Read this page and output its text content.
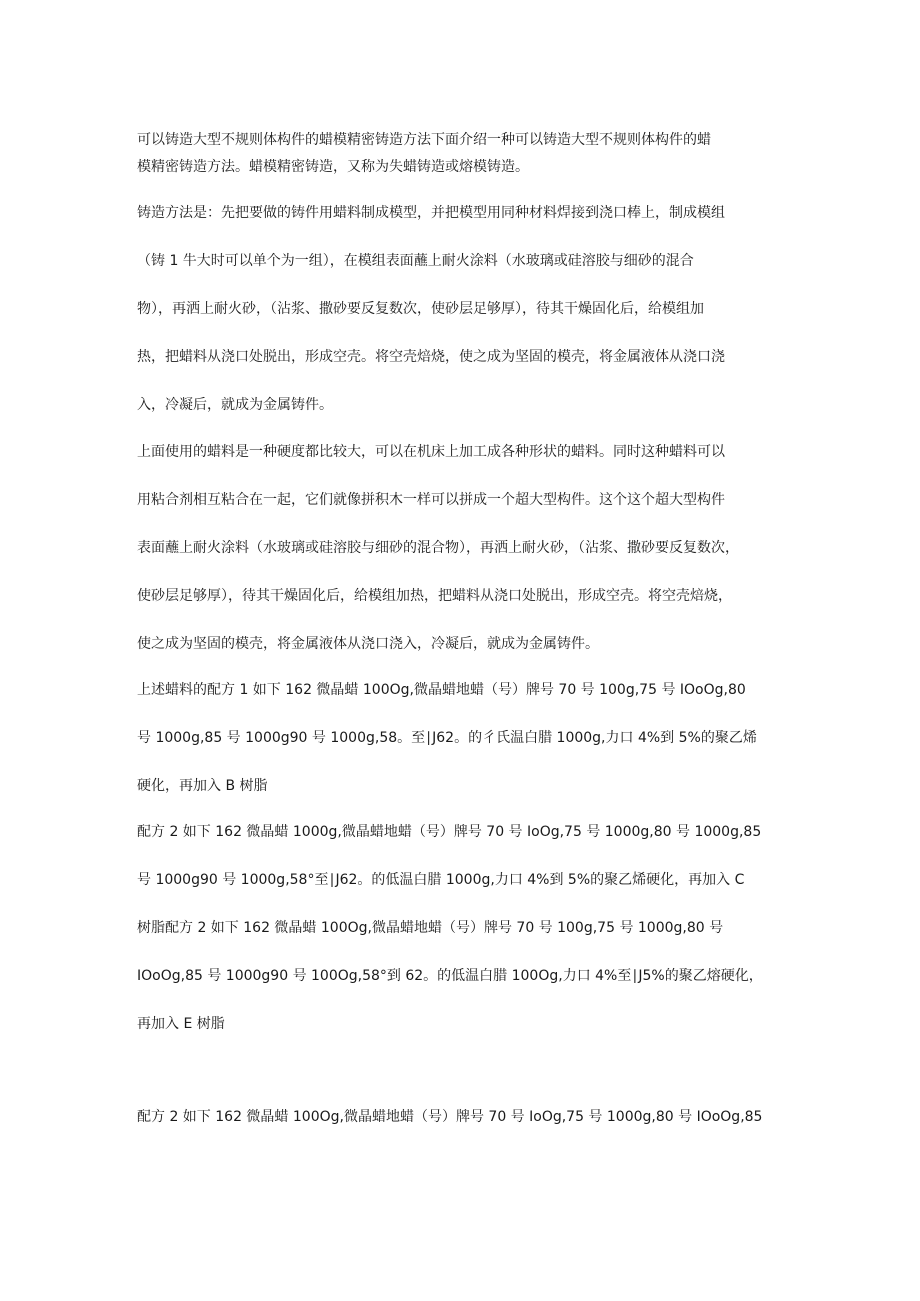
可以铸造大型不规则体构件的蜡模精密铸造方法下面介绍一种可以铸造大型不规则体构件的蜡
模精密铸造方法。蜡模精密铸造，又称为失蜡铸造或熔模铸造。
铸造方法是：先把要做的铸件用蜡料制成模型，并把模型用同种材料焊接到浇口棒上，制成模组
（铸 1 牛大时可以单个为一组），在模组表面蘸上耐火涂料（水玻璃或硅溶胶与细砂的混合
物），再洒上耐火砂，（沾浆、撒砂要反复数次，使砂层足够厚），待其干燥固化后，给模组加
热，把蜡料从浇口处脱出，形成空壳。将空壳焙烧，使之成为坚固的模壳，将金属液体从浇口浇
入，冷凝后，就成为金属铸件。
上面使用的蜡料是一种硬度都比较大，可以在机床上加工成各种形状的蜡料。同时这种蜡料可以
用粘合剂相互粘合在一起，它们就像拼积木一样可以拼成一个超大型构件。这个这个超大型构件
表面蘸上耐火涂料（水玻璃或硅溶胶与细砂的混合物），再洒上耐火砂，（沾浆、撒砂要反复数次，
使砂层足够厚），待其干燥固化后，给模组加热，把蜡料从浇口处脱出，形成空壳。将空壳焙烧，
使之成为坚固的模壳，将金属液体从浇口浇入，冷凝后，就成为金属铸件。
上述蜡料的配方 1 如下 162 微晶蜡 100Og,微晶蜡地蜡（号）牌号 70 号 100g,75 号 IOoOg,80
号 1000g,85 号 1000g90 号 1000g,58。至∣J62。的彳氏温白腊 1000g,力口 4%到 5%的聚乙烯
硬化，再加入 B 树脂
配方 2 如下 162 微晶蜡 1000g,微晶蜡地蜡（号）牌号 70 号 IoOg,75 号 1000g,80 号 1000g,85
号 1000g90 号 1000g,58°至∣J62。的低温白腊 1000g,力口 4%到 5%的聚乙烯硬化，再加入 C
树脂配方 2 如下 162 微晶蜡 100Og,微晶蜡地蜡（号）牌号 70 号 100g,75 号 1000g,80 号
IOoOg,85 号 1000g90 号 100Og,58°到 62。的低温白腊 100Og,力口 4%至∣J5%的聚乙熔硬化，
再加入 E 树脂
配方 2 如下 162 微晶蜡 100Og,微晶蜡地蜡（号）牌号 70 号 IoOg,75 号 1000g,80 号 IOoOg,85
